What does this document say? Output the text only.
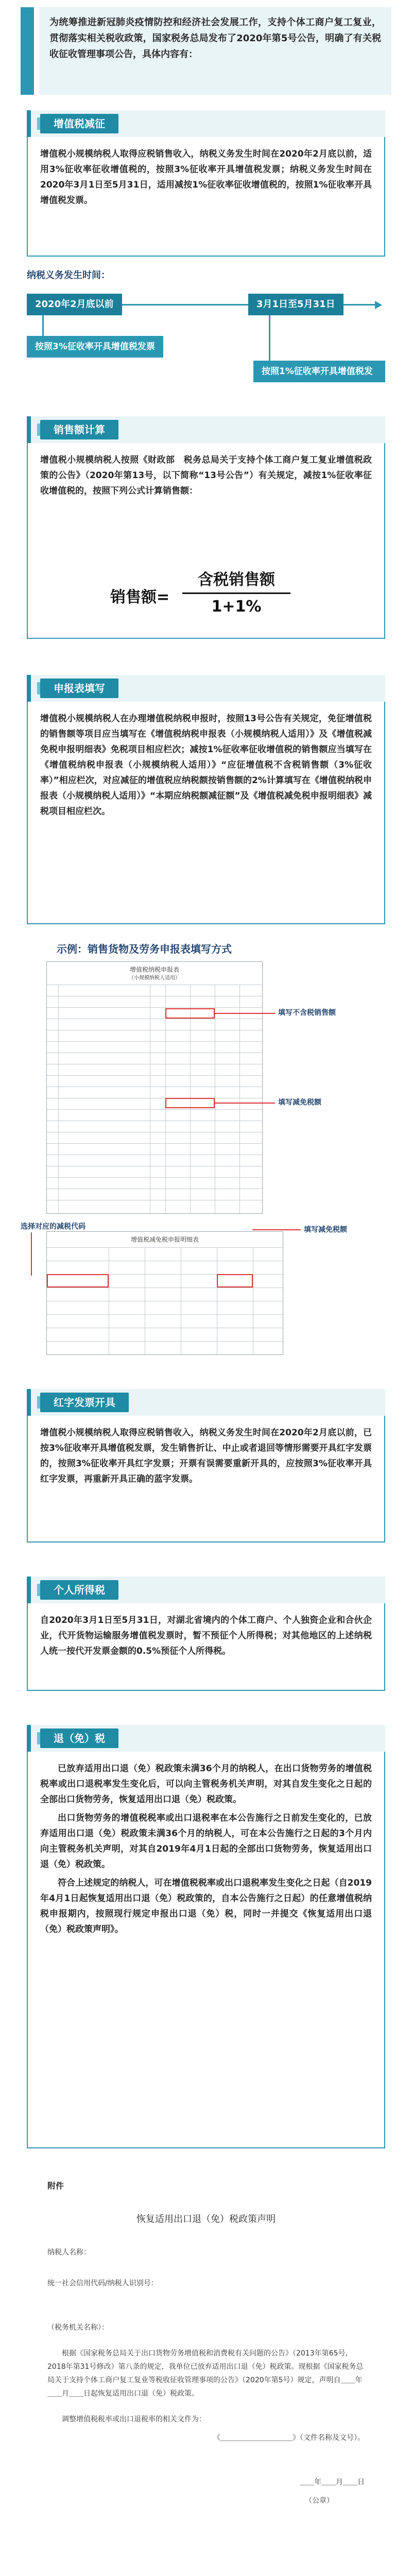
为统筹推进新冠肺炎疫情防控和经济社会发展工作，支持个体工商户复工复业，贯彻落实相关税收政策，国家税务总局发布了2020年第5号公告，明确了有关税收征收管理事项公告，具体内容有：

增值税减征

增值税小规模纳税人取得应税销售收入，纳税义务发生时间在2020年2月底以前，适用3%征收率征收增值税的，按照3%征收率开具增值税发票；纳税义务发生时间在2020年3月1日至5月31日，适用减按1%征收率征收增值税的，按照1%征收率开具增值税发票。

纳税义务发生时间：
2020年2月底以前	3月1日至5月31日
按照3%征收率开具增值税发票
按照1%征收率开具增值税发票
销售额计算

增值税小规模纳税人按照《财政部　税务总局关于支持个体工商户复工复业增值税政策的公告》（2020年第13号，以下简称“13号公告”）有关规定，减按1%征收率征收增值税的，按照下列公式计算销售额：

销售额=
含税销售额
1+1%
申报表填写

增值税小规模纳税人在办理增值税纳税申报时，按照13号公告有关规定，免征增值税的销售额等项目应当填写在《增值税纳税申报表（小规模纳税人适用）》及《增值税减免税申报明细表》免税项目相应栏次；减按1%征收率征收增值税的销售额应当填写在《增值税纳税申报表（小规模纳税人适用）》“应征增值税不含税销售额（3%征收率）”相应栏次，对应减征的增值税应纳税额按销售额的2%计算填写在《增值税纳税申报表（小规模纳税人适用）》“本期应纳税额减征额”及《增值税减免税申报明细表》减税项目相应栏次。

示例：销售货物及劳务申报表填写方式
增值税纳税申报表
（小规模纳税人适用）
填写不含税销售额
填写减免税额
增值税减免税申报明细表
选择对应的减税代码	填写减免税额
红字发票开具

增值税小规模纳税人取得应税销售收入，纳税义务发生时间在2020年2月底以前，已按3%征收率开具增值税发票，发生销售折让、中止或者退回等情形需要开具红字发票的，按照3%征收率开具红字发票；开票有误需要重新开具的，应按照3%征收率开具红字发票，再重新开具正确的蓝字发票。

个人所得税

自2020年3月1日至5月31日，对湖北省境内的个体工商户、个人独资企业和合伙企业，代开货物运输服务增值税发票时，暂不预征个人所得税；对其他地区的上述纳税人统一按代开发票金额的0.5%预征个人所得税。

退（免）税

已放弃适用出口退（免）税政策未满36个月的纳税人，在出口货物劳务的增值税税率或出口退税率发生变化后，可以向主管税务机关声明，对其自发生变化之日起的全部出口货物劳务，恢复适用出口退（免）税政策。

出口货物劳务的增值税税率或出口退税率在本公告施行之日前发生变化的，已放弃适用出口退（免）税政策未满36个月的纳税人，可在本公告施行之日起的3个月内向主管税务机关声明，对其自2019年4月1日起的全部出口货物劳务，恢复适用出口退（免）税政策。

符合上述规定的纳税人，可在增值税税率或出口退税率发生变化之日起（自2019年4月1日起恢复适用出口退（免）税政策的，自本公告施行之日起）的任意增值税纳税申报期内，按照现行规定申报出口退（免）税，同时一并提交《恢复适用出口退（免）税政策声明》。

附件

恢复适用出口退（免）税政策声明

纳税人名称：

统一社会信用代码/纳税人识别号：

（税务机关名称）：

根据《国家税务总局关于出口货物劳务增值税和消费税有关问题的公告》（2013年第65号，2018年第31号修改）第八条的规定，我单位已放弃适用出口退（免）税政策。现根据《国家税务总局关于支持个体工商户复工复业等税收征收管理事项的公告》（2020年第5号）规定，声明自＿＿年＿＿月＿＿日起恢复适用出口退（免）税政策。

调整增值税税率或出口退税率的相关文件为：

《＿＿＿＿＿＿＿＿＿＿》（文件名称及文号）。

＿＿年＿＿月＿＿日

（公章）
